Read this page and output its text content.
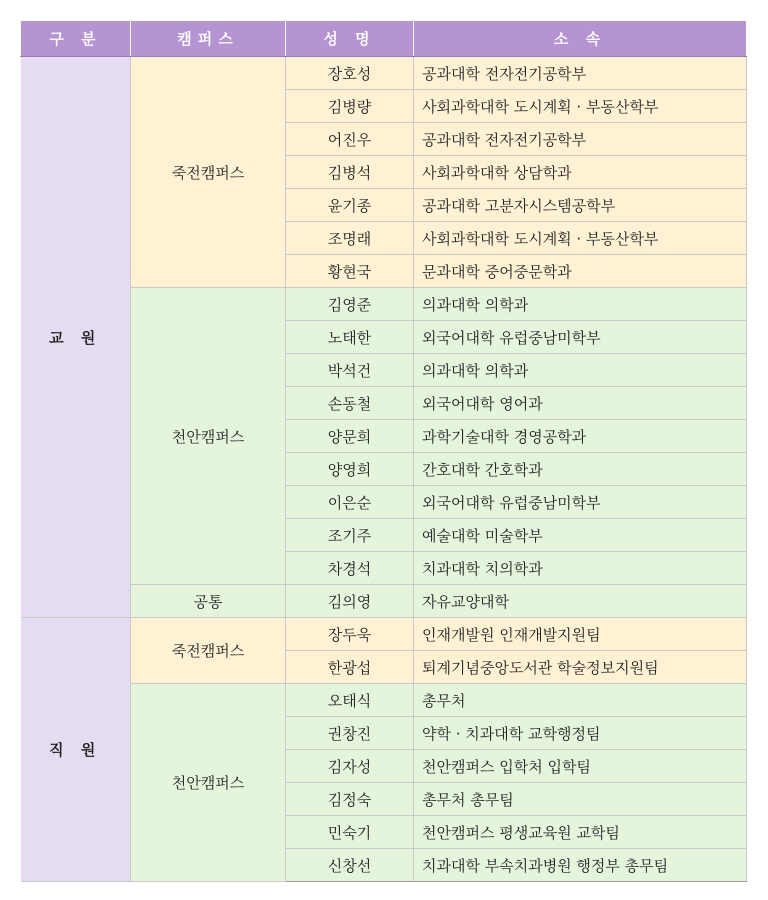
구 분	캠퍼스	성 명	소 속
교 원	죽전캠퍼스	장호성	공과대학 전자전기공학부
		김병량	사회과학대학 도시계획 · 부동산학부
		어진우	공과대학 전자전기공학부
		김병석	사회과학대학 상담학과
		윤기종	공과대학 고분자시스템공학부
		조명래	사회과학대학 도시계획 · 부동산학부
		황현국	문과대학 중어중문학과
	천안캠퍼스	김영준	의과대학 의학과
		노태한	외국어대학 유럽중남미학부
		박석건	의과대학 의학과
		손동철	외국어대학 영어과
		양문희	과학기술대학 경영공학과
		양영희	간호대학 간호학과
		이은순	외국어대학 유럽중남미학부
		조기주	예술대학 미술학부
		차경석	치과대학 치의학과
	공통	김의영	자유교양대학
직 원	죽전캠퍼스	장두욱	인재개발원 인재개발지원팀
		한광섭	퇴계기념중앙도서관 학술정보지원팀
	천안캠퍼스	오태식	총무처
		권창진	약학 · 치과대학 교학행정팀
		김자성	천안캠퍼스 입학처 입학팀
		김정숙	총무처 총무팀
		민숙기	천안캠퍼스 평생교육원 교학팀
		신창선	치과대학 부속치과병원 행정부 총무팀
